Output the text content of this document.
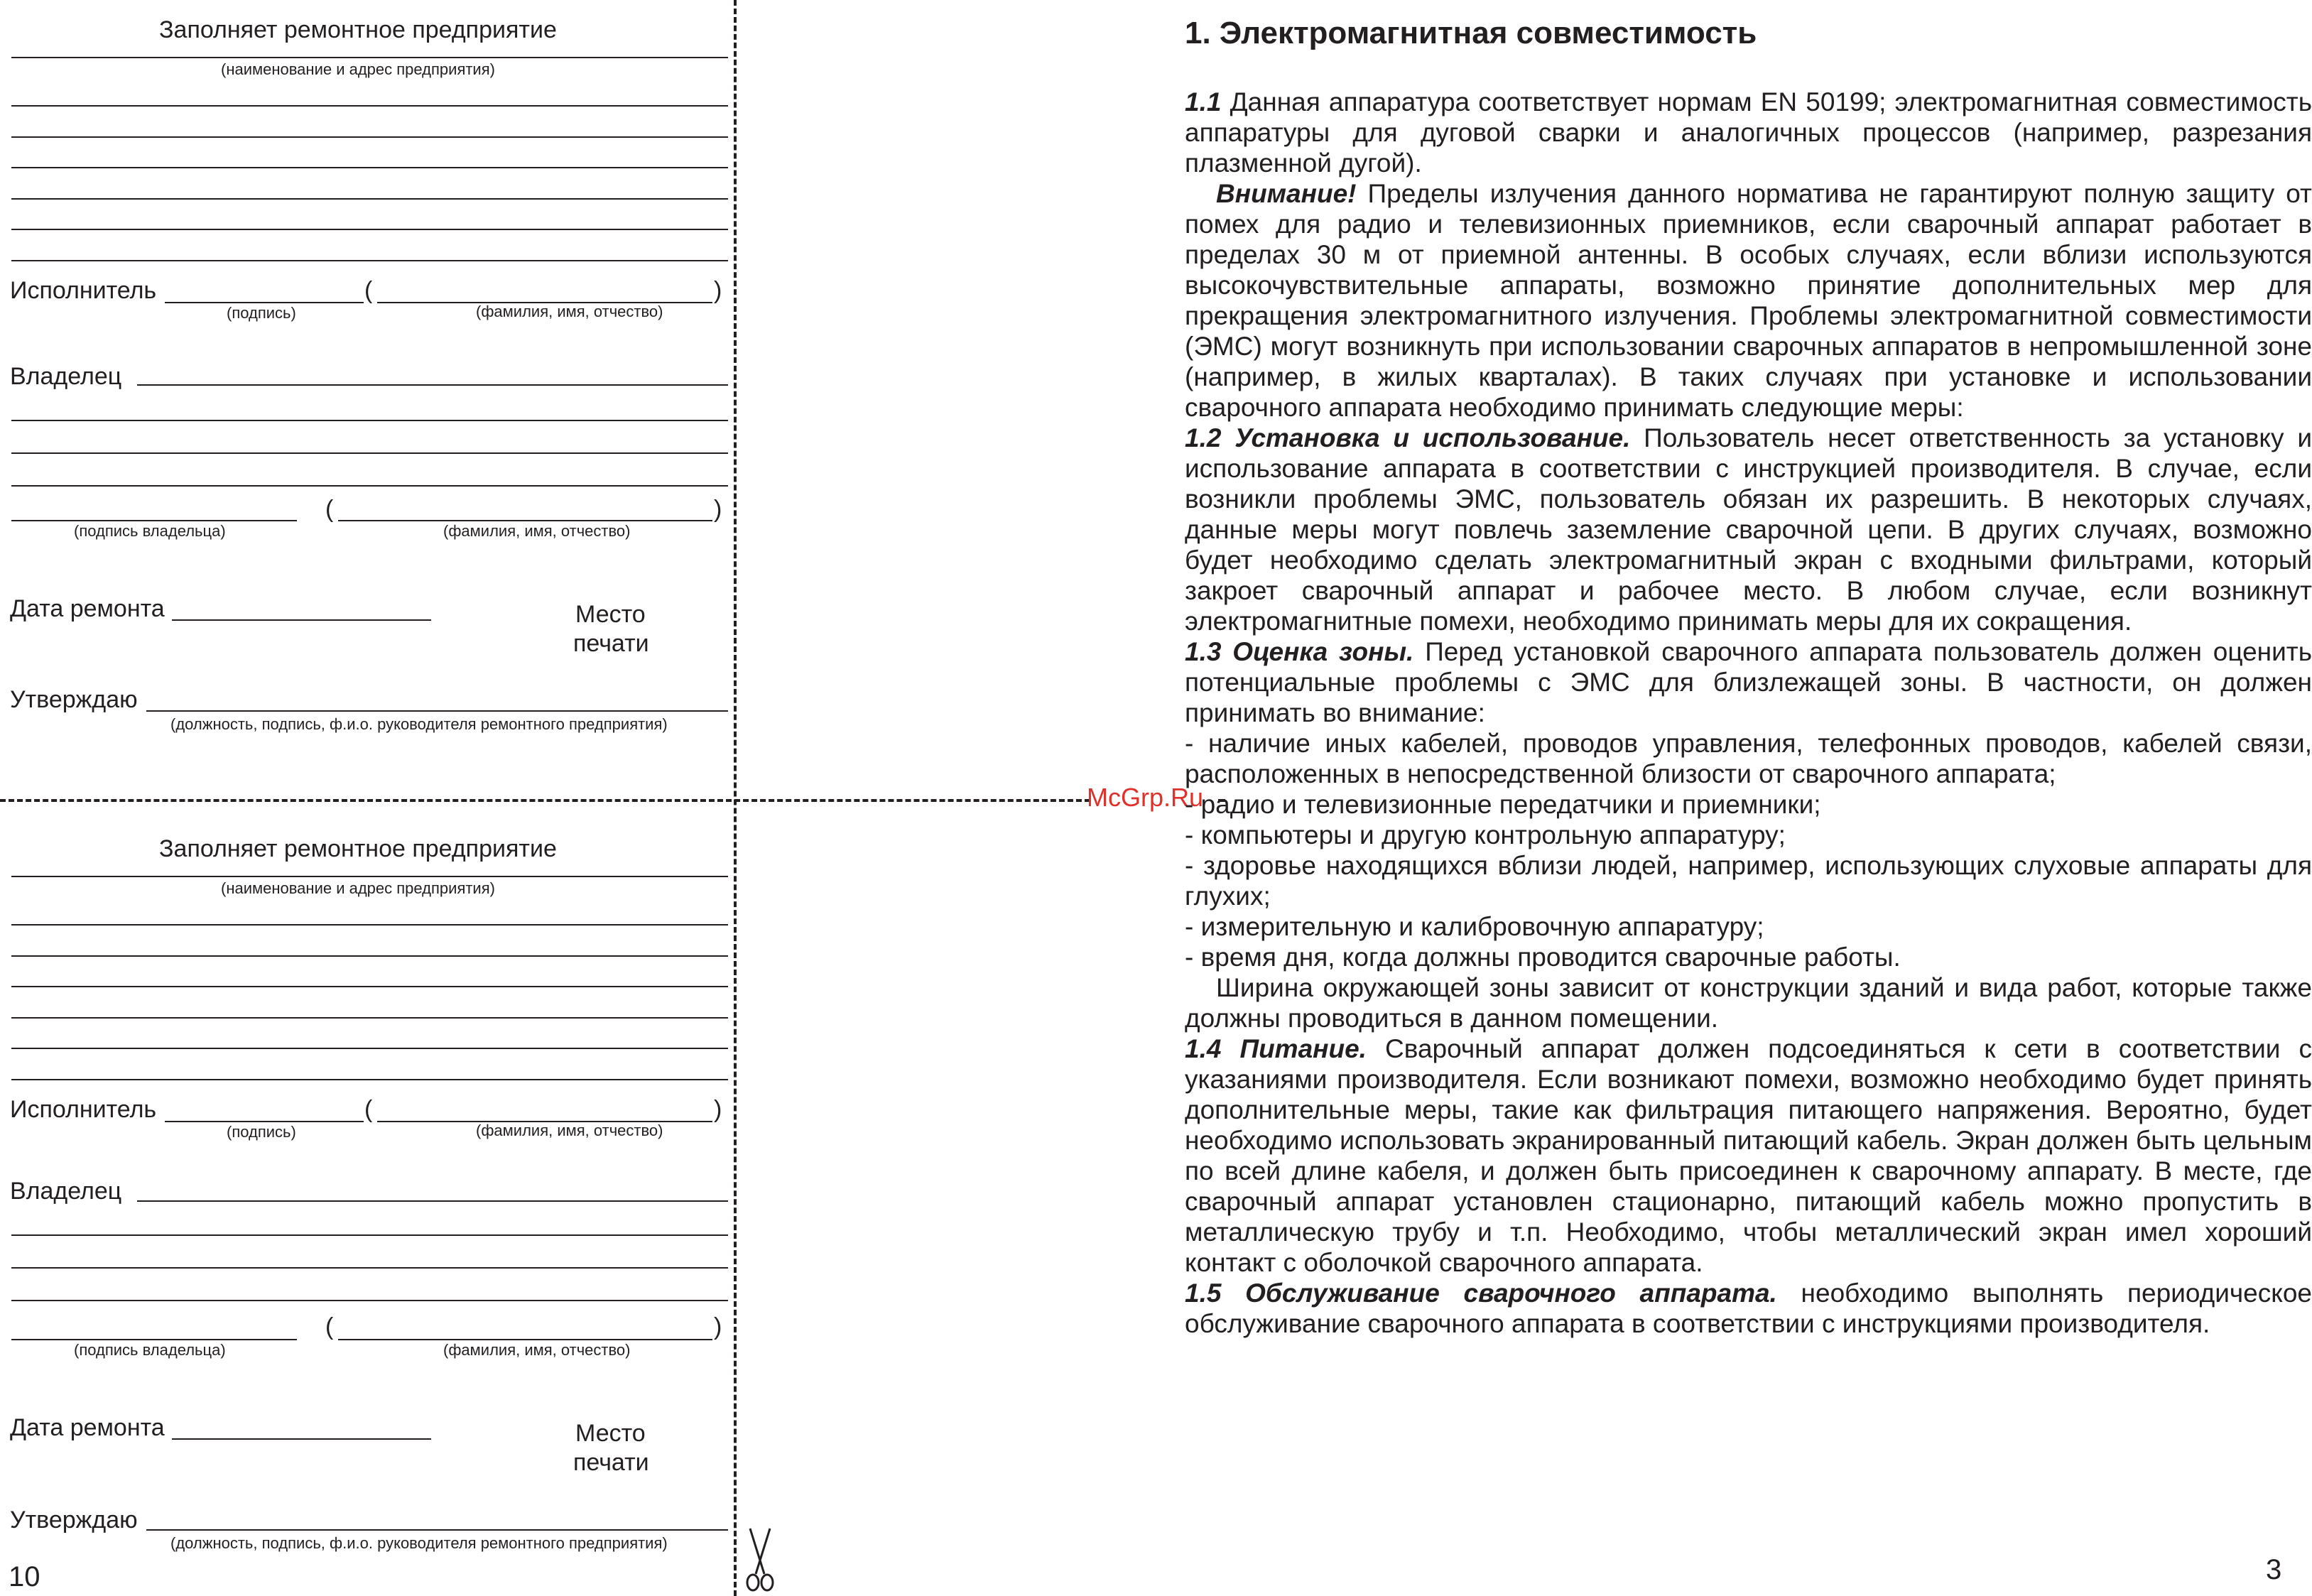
McGrp.Ru
Заполняет ремонтное предприятие
(наименование и адрес предприятия)
Исполнитель	(	)
(подпись)	(фамилия, имя, отчество)
Владелец
(	)
(подпись владельца)	(фамилия, имя, отчество)
Дата ремонта	Место
печати
Утверждаю
(должность, подпись, ф.и.о. руководителя ремонтного предприятия)
Заполняет ремонтное предприятие
(наименование и адрес предприятия)
Исполнитель	(	)
(подпись)	(фамилия, имя, отчество)
Владелец
(	)
(подпись владельца)	(фамилия, имя, отчество)
Дата ремонта	Место
печати
Утверждаю
(должность, подпись, ф.и.о. руководителя ремонтного предприятия)
10	3
1. Электромагнитная совместимость

1.1 Данная аппаратура соответствует нормам EN 50199; электромагнитная совместимость аппаратуры для дуговой сварки и аналогичных процессов (например, разрезания плазменной дугой).

Внимание! Пределы излучения данного норматива не гарантируют полную защиту от помех для радио и телевизионных приемников, если сварочный аппарат работает в пределах 30 м от приемной антенны. В особых случаях, если вблизи используются высокочувствительные аппараты, возможно принятие дополнительных мер для прекращения электромагнитного излучения. Проблемы электромагнитной совместимости (ЭМС) могут возникнуть при использовании сварочных аппаратов в непромышленной зоне (например, в жилых кварталах). В таких случаях при установке и использовании сварочного аппарата необходимо принимать следующие меры:

1.2 Установка и использование. Пользователь несет ответственность за установку и использование аппарата в соответствии с инструкцией производителя. В случае, если возникли проблемы ЭМС, пользователь обязан их разрешить. В некоторых случаях, данные меры могут повлечь заземление сварочной цепи. В других случаях, возможно будет необходимо сделать электромагнитный экран с входными фильтрами, который закроет сварочный аппарат и рабочее место. В любом случае, если возникнут электромагнитные помехи, необходимо принимать меры для их сокращения.

1.3 Оценка зоны. Перед установкой сварочного аппарата пользователь должен оценить потенциальные проблемы с ЭМС для близлежащей зоны. В частности, он должен принимать во внимание:

- наличие иных кабелей, проводов управления, телефонных проводов, кабелей связи, расположенных в непосредственной близости от сварочного аппарата;

- радио и телевизионные передатчики и приемники;

- компьютеры и другую контрольную аппаратуру;

- здоровье находящихся вблизи людей, например, использующих слуховые аппараты для глухих;

- измерительную и калибровочную аппаратуру;

- время дня, когда должны проводится сварочные работы.

Ширина окружающей зоны зависит от конструкции зданий и вида работ, которые также должны проводиться в данном помещении.

1.4 Питание. Сварочный аппарат должен подсоединяться к сети в соответствии с указаниями производителя. Если возникают помехи, возможно необходимо будет принять дополнительные меры, такие как фильтрация питающего напряжения. Вероятно, будет необходимо использовать экранированный питающий кабель. Экран должен быть цельным по всей длине кабеля, и должен быть присоединен к сварочному аппарату. В месте, где сварочный аппарат установлен стационарно, питающий кабель можно пропустить в металлическую трубу и т.п. Необходимо, чтобы металлический экран имел хороший контакт с оболочкой сварочного аппарата.

1.5 Обслуживание сварочного аппарата. необходимо выполнять периодическое обслуживание сварочного аппарата в соответствии с инструкциями производителя.
